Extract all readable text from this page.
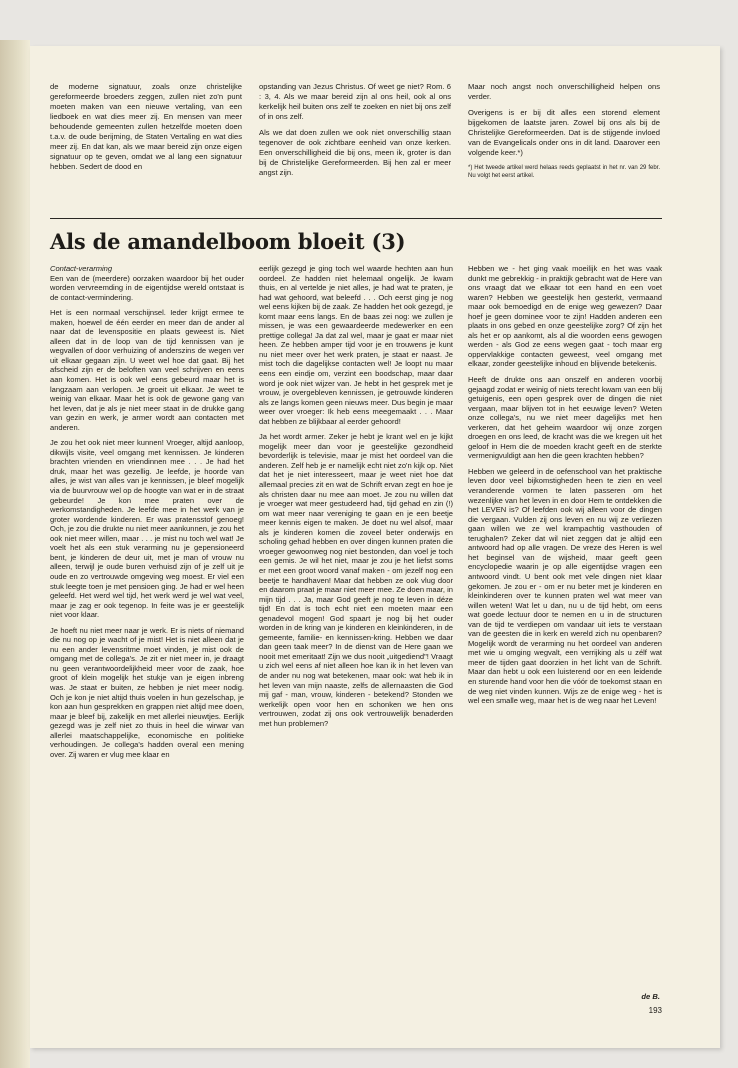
de moderne signatuur, zoals onze christelijke gereformeerde broeders zeggen, zullen niet zo'n punt moeten maken van een nieuwe vertaling, van een liedboek en wat dies meer zij. En mensen van meer behoudende gemeenten zullen hetzelfde moeten doen t.a.v. de oude berijming, de Staten Vertaling en wat dies meer zij. En dat kan, als we maar bereid zijn onze eigen signatuur op te geven, omdat we al lang een signatuur hebben. Sedert de dood en

opstanding van Jezus Christus. Of weet ge niet? Rom. 6 : 3, 4. Als we maar bereid zijn al ons heil, ook al ons kerkelijk heil buiten ons zelf te zoeken en niet bij ons zelf of in ons zelf.

Als we dat doen zullen we ook niet onverschillig staan tegenover de ook zichtbare eenheid van onze kerken. Een onverschilligheid die bij ons, meen ik, groter is dan bij de Christelijke Gereformeerden. Bij hen zal er meer angst zijn.

Maar noch angst noch onverschilligheid helpen ons verder.

Overigens is er bij dit alles een storend element bijgekomen de laatste jaren. Zowel bij ons als bij de Christelijke Gereformeerden. Dat is de stijgende invloed van de Evangelicals onder ons in dit land. Daarover een volgende keer.*)

*) Het tweede artikel werd helaas reeds geplaatst in het nr. van 29 febr. Nu volgt het eerst artikel.

Als de amandelboom bloeit (3)

Contact-verarming

Een van de (meerdere) oorzaken waardoor bij het ouder worden vervreemding in de eigentijdse wereld ontstaat is de contact-vermindering.

Het is een normaal verschijnsel. Ieder krijgt ermee te maken, hoewel de één eerder en meer dan de ander al naar dat de levenspositie en plaats geweest is. Niet alleen dat in de loop van de tijd kennissen van je wegvallen of door verhuizing of anderszins de wegen ver uit elkaar gegaan zijn. U weet wel hoe dat gaat. Bij het afscheid zijn er de beloften van veel schrijven en eens aan komen. Het is ook wel eens gebeurd maar het is langzaam aan verlopen. Je groeit uit elkaar. Je weet te weinig van elkaar. Maar het is ook de gewone gang van het leven, dat je als je niet meer staat in de drukke gang van gezin en werk, je armer wordt aan contacten met anderen.

Je zou het ook niet meer kunnen! Vroeger, altijd aanloop, dikwijls visite, veel omgang met kennissen. Je kinderen brachten vrienden en vriendinnen mee . . . Je had het druk, maar het was gezellig. Je leefde, je hoorde van alles, je wist van alles van je kennissen, je bleef mogelijk via de buurvrouw wel op de hoogte van wat er in de straat gebeurde! Je kon mee praten over de werkomstandigheden. Je leefde mee in het werk van je groter wordende kinderen. Er was pratensstof genoeg! Och, je zou die drukte nu niet meer aankunnen, je zou het ook niet meer willen, maar . . . je mist nu toch wel wat! Je voelt het als een stuk verarming nu je gepensioneerd bent, je kinderen de deur uit, met je man of vrouw nu alleen, terwijl je oude buren verhuisd zijn of je zelf uit je oude en zo vertrouwde omgeving weg moest. Er viel een stuk leegte toen je met pensioen ging. Je had er wel heen geleefd. Het werd wel tijd, het werk werd je wel wat veel, maar je zag er ook tegenop. In feite was je er geestelijk niet voor klaar.

Je hoeft nu niet meer naar je werk. Er is niets of niemand die nu nog op je wacht of je mist! Het is niet alleen dat je nu een ander levensritme moet vinden, je mist ook de omgang met de collega's. Je zit er niet meer in, je draagt nu geen verantwoordelijkheid meer voor de zaak, hoe groot of klein mogelijk het stukje van je eigen inbreng was. Je staat er buiten, ze hebben je niet meer nodig. Och je kon je niet altijd thuis voelen in hun gezelschap, je kon aan hun gesprekken en grappen niet altijd mee doen, maar je bleef bij, zakelijk en met allerlei nieuwtjes. Eerlijk gezegd was je zelf niet zo thuis in heel die wirwar van allerlei maatschappelijke, economische en politieke verhoudingen. Je collega's hadden overal een mening over. Zij waren er vlug mee klaar en

eerlijk gezegd je ging toch wel waarde hechten aan hun oordeel. Ze hadden niet helemaal ongelijk. Je kwam thuis, en al vertelde je niet alles, je had wat te praten, je had wat gehoord, wat beleefd . . . Och eerst ging je nog wel eens kijken bij de zaak. Ze hadden het ook gezegd, je komt maar eens langs. En de baas zei nog: we zullen je missen, je was een gewaardeerde medewerker en een prettige collega! Ja dat zal wel, maar je gaat er maar niet heen. Ze hebben amper tijd voor je en trouwens je kunt nu niet meer over het werk praten, je staat er naast. Je mist toch die dagelijkse contacten wel! Je loopt nu maar eens een eindje om, verzint een boodschap, maar daar word je ook niet wijzer van. Je hebt in het gesprek met je vrouw, je overgebleven kennissen, je getrouwde kinderen als ze langs komen geen nieuws meer. Dus begin je maar weer over vroeger: Ik heb eens meegemaakt . . . Maar dat hebben ze blijkbaar al eerder gehoord!

Ja het wordt armer. Zeker je hebt je krant wel en je kijkt mogelijk meer dan voor je geestelijke gezondheid bevorderlijk is televisie, maar je mist het oordeel van die anderen. Zelf heb je er namelijk echt niet zo'n kijk op. Niet dat het je niet interesseert, maar je weet niet hoe dat allemaal precies zit en wat de Schrift ervan zegt en hoe je als christen daar nu mee aan moet. Je zou nu willen dat je vroeger wat meer gestudeerd had, tijd gehad en zin (!) om wat meer naar vereniging te gaan en je een beetje meer kennis eigen te maken. Je doet nu wel alsof, maar als je kinderen komen die zoveel beter onderwijs en scholing gehad hebben en over dingen kunnen praten die vroeger gewoonweg nog niet bestonden, dan voel je toch een gemis. Je wil het niet, maar je zou je het liefst soms er met een groot woord vanaf maken - om jezelf nog een beetje te handhaven! Maar dat hebben ze ook vlug door en daarom praat je maar niet meer mee. Ze doen maar, in mijn tijd . . . Ja, maar God geeft je nog te leven in déze tijd! En dat is toch echt niet een moeten maar een genadevol mogen! God spaart je nog bij het ouder worden in de kring van je kinderen en kleinkinderen, in de gemeente, familie- en kennissen-kring. Hebben we daar dan geen taak meer? In de dienst van de Here gaan we nooit met emeritaat! Zijn we dus nooit „uitgediend"! Vraagt u zich wel eens af niet alleen hoe kan ik in het leven van de ander nu nog wat betekenen, maar ook: wat heb ik in het leven van mijn naaste, zelfs de allernaasten die God mij gaf - man, vrouw, kinderen - betekend? Stonden we werkelijk open voor hen en schonken we hen ons vertrouwen, zodat zij ons ook vertrouwelijk benaderden met hun problemen?

Hebben we - het ging vaak moeilijk en het was vaak dunkt me gebrekkig - in praktijk gebracht wat de Here van ons vraagt dat we elkaar tot een hand en een voet waren? Hebben we geestelijk hen gesterkt, vermaand maar ook bemoedigd en de enige weg gewezen? Daar hoef je geen dominee voor te zijn! Hadden anderen een plaats in ons gebed en onze geestelijke zorg? Of zijn het als het er op aankomt, als al die woorden eens gewogen werden - als God ze eens wegen gaat - toch maar erg oppervlakkige contacten geweest, veel omgang met elkaar, zonder geestelijke inhoud en blijvende betekenis.

Heeft de drukte ons aan onszelf en anderen voorbij gejaagd zodat er weinig of niets terecht kwam van een blij getuigenis, een open gesprek over de dingen die niet vergaan, maar blijven tot in het eeuwige leven? Weten onze collega's, nu we niet meer dagelijks met hen verkeren, dat het geheim waardoor wij onze zorgen droegen en ons leed, de kracht was die we kregen uit het geloof in Hem die de moeden kracht geeft en de sterkte vermenigvuldigt aan hen die geen krachten hebben?

Hebben we geleerd in de oefenschool van het praktische leven door veel bijkomstigheden heen te zien en veel veranderende vormen te laten passeren om het wezenlijke van het leven in en door Hem te ontdekken die het LEVEN is? Of leefden ook wij alleen voor de dingen die vergaan. Vulden zij ons leven en nu wij ze verliezen gaan willen we ze wel krampachtig vasthouden of terughalen? Zeker dat wil niet zeggen dat je altijd een antwoord had op alle vragen. De vreze des Heren is wel het beginsel van de wijsheid, maar geeft geen encyclopedie waarin je op alle eigentijdse vragen een antwoord vindt. U bent ook met vele dingen niet klaar gekomen. Je zou er - om er nu beter met je kinderen en kleinkinderen over te kunnen praten wel wat meer van willen weten! Wat let u dan, nu u de tijd hebt, om eens wat goede lectuur door te nemen en u in de structuren van de tijd te verdiepen om vandaar uit iets te verstaan van de geesten die in kerk en wereld zich nu openbaren? Mogelijk wordt de verarming nu het oordeel van anderen met wie u omging wegvalt, een verrijking als u zélf wat meer de tijden gaat doorzien in het licht van de Schrift. Maar dan hebt u ook een luisterend oor en een leidende en sturende hand voor hen die vóór de toekomst staan en de weg niet vinden kunnen. Wijs ze de enige weg - het is wel een smalle weg, maar het is de weg naar het Leven!

de B.
193
